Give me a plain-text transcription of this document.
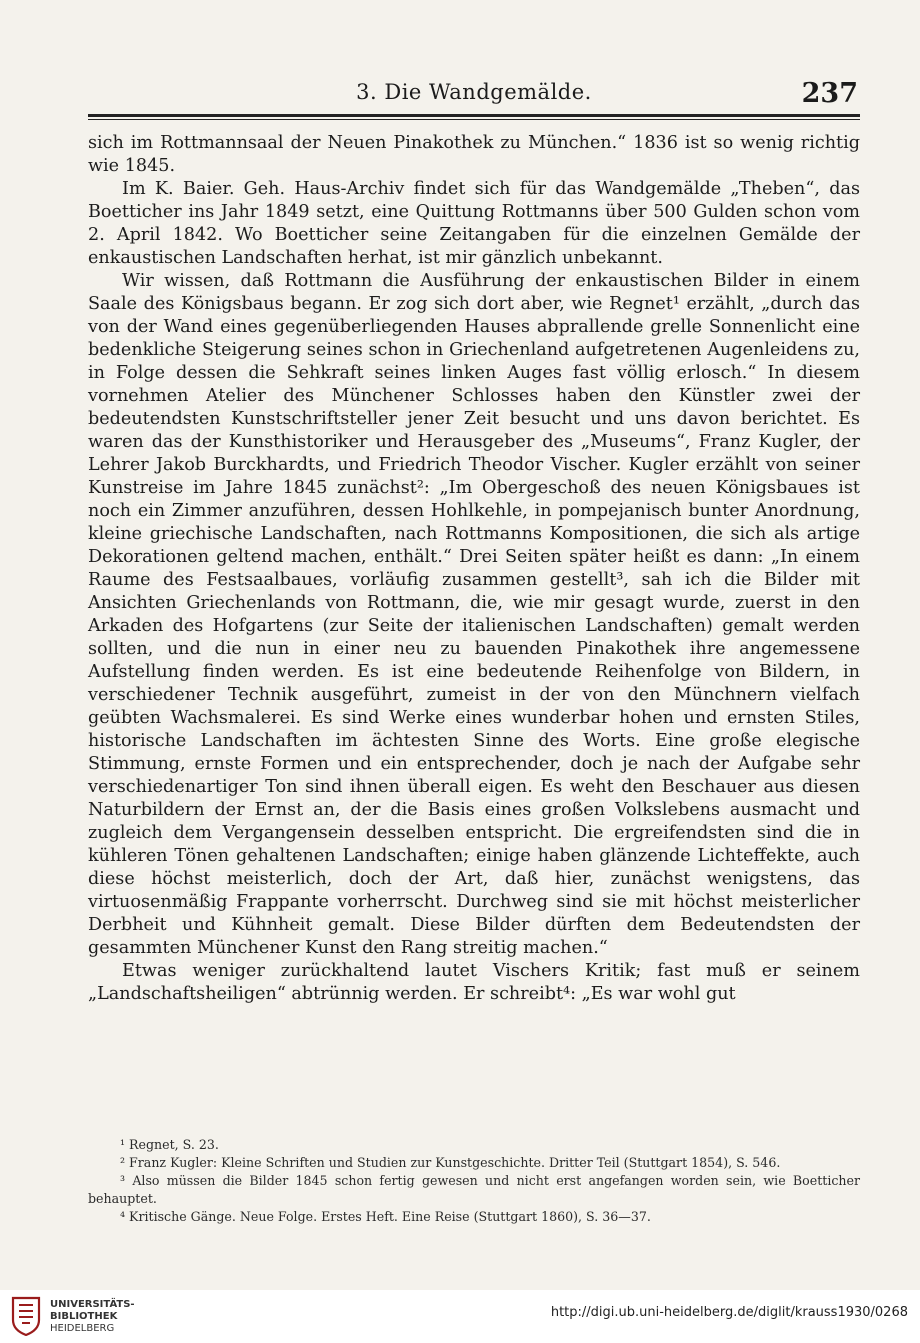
3. Die Wandgemälde.	237

sich im Rottmannsaal der Neuen Pinakothek zu München.“ 1836 ist so wenig richtig wie 1845.

Im K. Baier. Geh. Haus-Archiv findet sich für das Wandgemälde „Theben“, das Boetticher ins Jahr 1849 setzt, eine Quittung Rottmanns über 500 Gulden schon vom 2. April 1842. Wo Boetticher seine Zeitangaben für die einzelnen Gemälde der enkaustischen Landschaften herhat, ist mir gänzlich unbekannt.

Wir wissen, daß Rottmann die Ausführung der enkaustischen Bilder in einem Saale des Königsbaus begann. Er zog sich dort aber, wie Regnet¹ erzählt, „durch das von der Wand eines gegenüberliegenden Hauses abprallende grelle Sonnenlicht eine bedenkliche Steigerung seines schon in Griechenland aufgetretenen Augenleidens zu, in Folge dessen die Sehkraft seines linken Auges fast völlig erlosch.“ In diesem vornehmen Atelier des Münchener Schlosses haben den Künstler zwei der bedeutendsten Kunstschriftsteller jener Zeit besucht und uns davon berichtet. Es waren das der Kunsthistoriker und Herausgeber des „Museums“, Franz Kugler, der Lehrer Jakob Burckhardts, und Friedrich Theodor Vischer. Kugler erzählt von seiner Kunstreise im Jahre 1845 zunächst²: „Im Obergeschoß des neuen Königsbaues ist noch ein Zimmer anzuführen, dessen Hohlkehle, in pompejanisch bunter Anordnung, kleine griechische Landschaften, nach Rottmanns Kompositionen, die sich als artige Dekorationen geltend machen, enthält.“ Drei Seiten später heißt es dann: „In einem Raume des Festsaalbaues, vorläufig zusammen gestellt³, sah ich die Bilder mit Ansichten Griechenlands von Rottmann, die, wie mir gesagt wurde, zuerst in den Arkaden des Hofgartens (zur Seite der italienischen Landschaften) gemalt werden sollten, und die nun in einer neu zu bauenden Pinakothek ihre angemessene Aufstellung finden werden. Es ist eine bedeutende Reihenfolge von Bildern, in verschiedener Technik ausgeführt, zumeist in der von den Münchnern vielfach geübten Wachsmalerei. Es sind Werke eines wunderbar hohen und ernsten Stiles, historische Landschaften im ächtesten Sinne des Worts. Eine große elegische Stimmung, ernste Formen und ein entsprechender, doch je nach der Aufgabe sehr verschiedenartiger Ton sind ihnen überall eigen. Es weht den Beschauer aus diesen Naturbildern der Ernst an, der die Basis eines großen Volkslebens ausmacht und zugleich dem Vergangensein desselben entspricht. Die ergreifendsten sind die in kühleren Tönen gehaltenen Landschaften; einige haben glänzende Lichteffekte, auch diese höchst meisterlich, doch der Art, daß hier, zunächst wenigstens, das virtuosenmäßig Frappante vorherrscht. Durchweg sind sie mit höchst meisterlicher Derbheit und Kühnheit gemalt. Diese Bilder dürften dem Bedeutendsten der gesammten Münchener Kunst den Rang streitig machen.“

Etwas weniger zurückhaltend lautet Vischers Kritik; fast muß er seinem „Landschaftsheiligen“ abtrünnig werden. Er schreibt⁴: „Es war wohl gut

¹ Regnet, S. 23.

² Franz Kugler: Kleine Schriften und Studien zur Kunstgeschichte. Dritter Teil (Stuttgart 1854), S. 546.

³ Also müssen die Bilder 1845 schon fertig gewesen und nicht erst angefangen worden sein, wie Boetticher behauptet.

⁴ Kritische Gänge. Neue Folge. Erstes Heft. Eine Reise (Stuttgart 1860), S. 36—37.

UNIVERSITÄTS-
BIBLIOTHEK
HEIDELBERG
http://digi.ub.uni-heidelberg.de/diglit/krauss1930/0268
